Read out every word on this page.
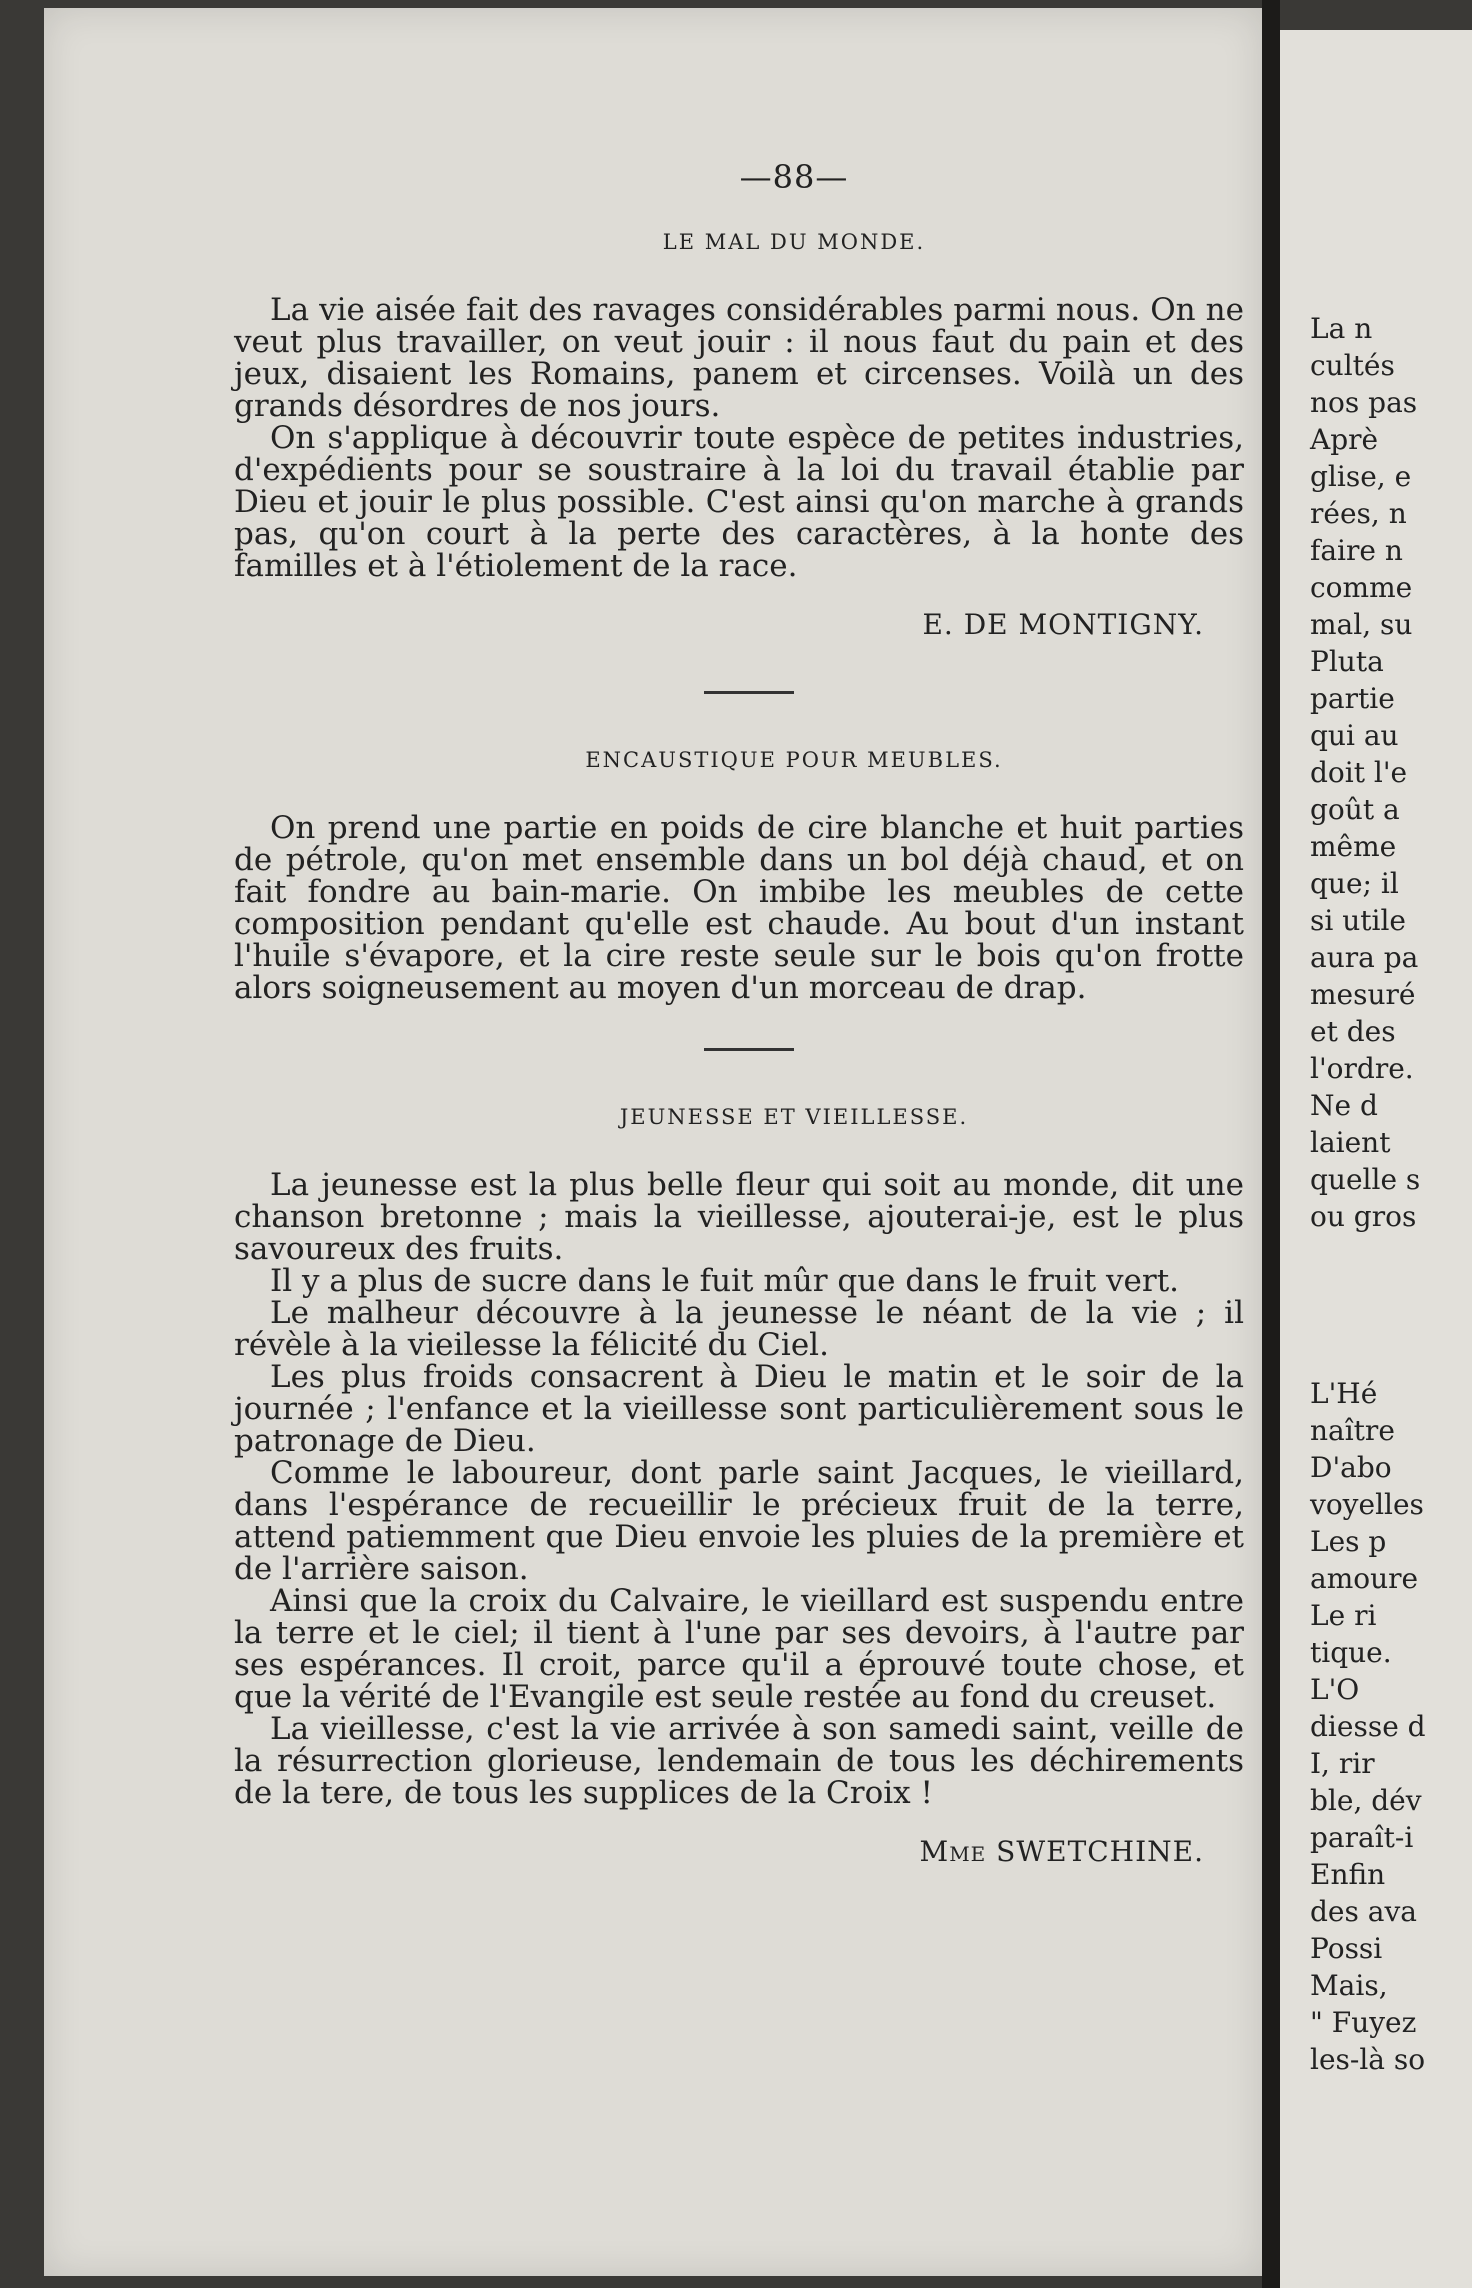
—88—
LE MAL DU MONDE.

La vie aisée fait des ravages considérables parmi nous. On ne veut plus travailler, on veut jouir : il nous faut du pain et des jeux, disaient les Romains, panem et circenses. Voilà un des grands désordres de nos jours.

On s'applique à découvrir toute espèce de petites industries, d'expédients pour se soustraire à la loi du travail établie par Dieu et jouir le plus possible. C'est ainsi qu'on marche à grands pas, qu'on court à la perte des caractères, à la honte des familles et à l'étiolement de la race.

E. DE MONTIGNY.
ENCAUSTIQUE POUR MEUBLES.

On prend une partie en poids de cire blanche et huit parties de pétrole, qu'on met ensemble dans un bol déjà chaud, et on fait fondre au bain-marie. On imbibe les meubles de cette composition pendant qu'elle est chaude. Au bout d'un instant l'huile s'évapore, et la cire reste seule sur le bois qu'on frotte alors soigneusement au moyen d'un morceau de drap.

JEUNESSE ET VIEILLESSE.

La jeunesse est la plus belle fleur qui soit au monde, dit une chanson bretonne ; mais la vieillesse, ajouterai-je, est le plus savoureux des fruits.

Il y a plus de sucre dans le fuit mûr que dans le fruit vert.

Le malheur découvre à la jeunesse le néant de la vie ; il révèle à la vieilesse la félicité du Ciel.

Les plus froids consacrent à Dieu le matin et le soir de la journée ; l'enfance et la vieillesse sont particulièrement sous le patronage de Dieu.

Comme le laboureur, dont parle saint Jacques, le vieillard, dans l'espérance de recueillir le précieux fruit de la terre, attend patiemment que Dieu envoie les pluies de la première et de l'arrière saison.

Ainsi que la croix du Calvaire, le vieillard est suspendu entre la terre et le ciel; il tient à l'une par ses devoirs, à l'autre par ses espérances. Il croit, parce qu'il a éprouvé toute chose, et que la vérité de l'Evangile est seule restée au fond du creuset.

La vieillesse, c'est la vie arrivée à son samedi saint, veille de la résurrection glorieuse, lendemain de tous les déchirements de la tere, de tous les supplices de la Croix !

Mme SWETCHINE.
La n
cultés
nos pas
Aprè
glise, e
rées, n
faire n
comme
mal, su
Pluta
partie
qui au
doit l'e
goût a
même
que; il
si utile
aura pa
mesuré
et des
l'ordre.
Ne d
laient
quelle s
ou gros
L'Hé
naître
D'abo
voyelles
Les p
amoure
Le ri
tique.
L'O
diesse d
I, rir
ble, dév
paraît-i
Enfin
des ava
Possi
Mais,
" Fuyez
les-là so
